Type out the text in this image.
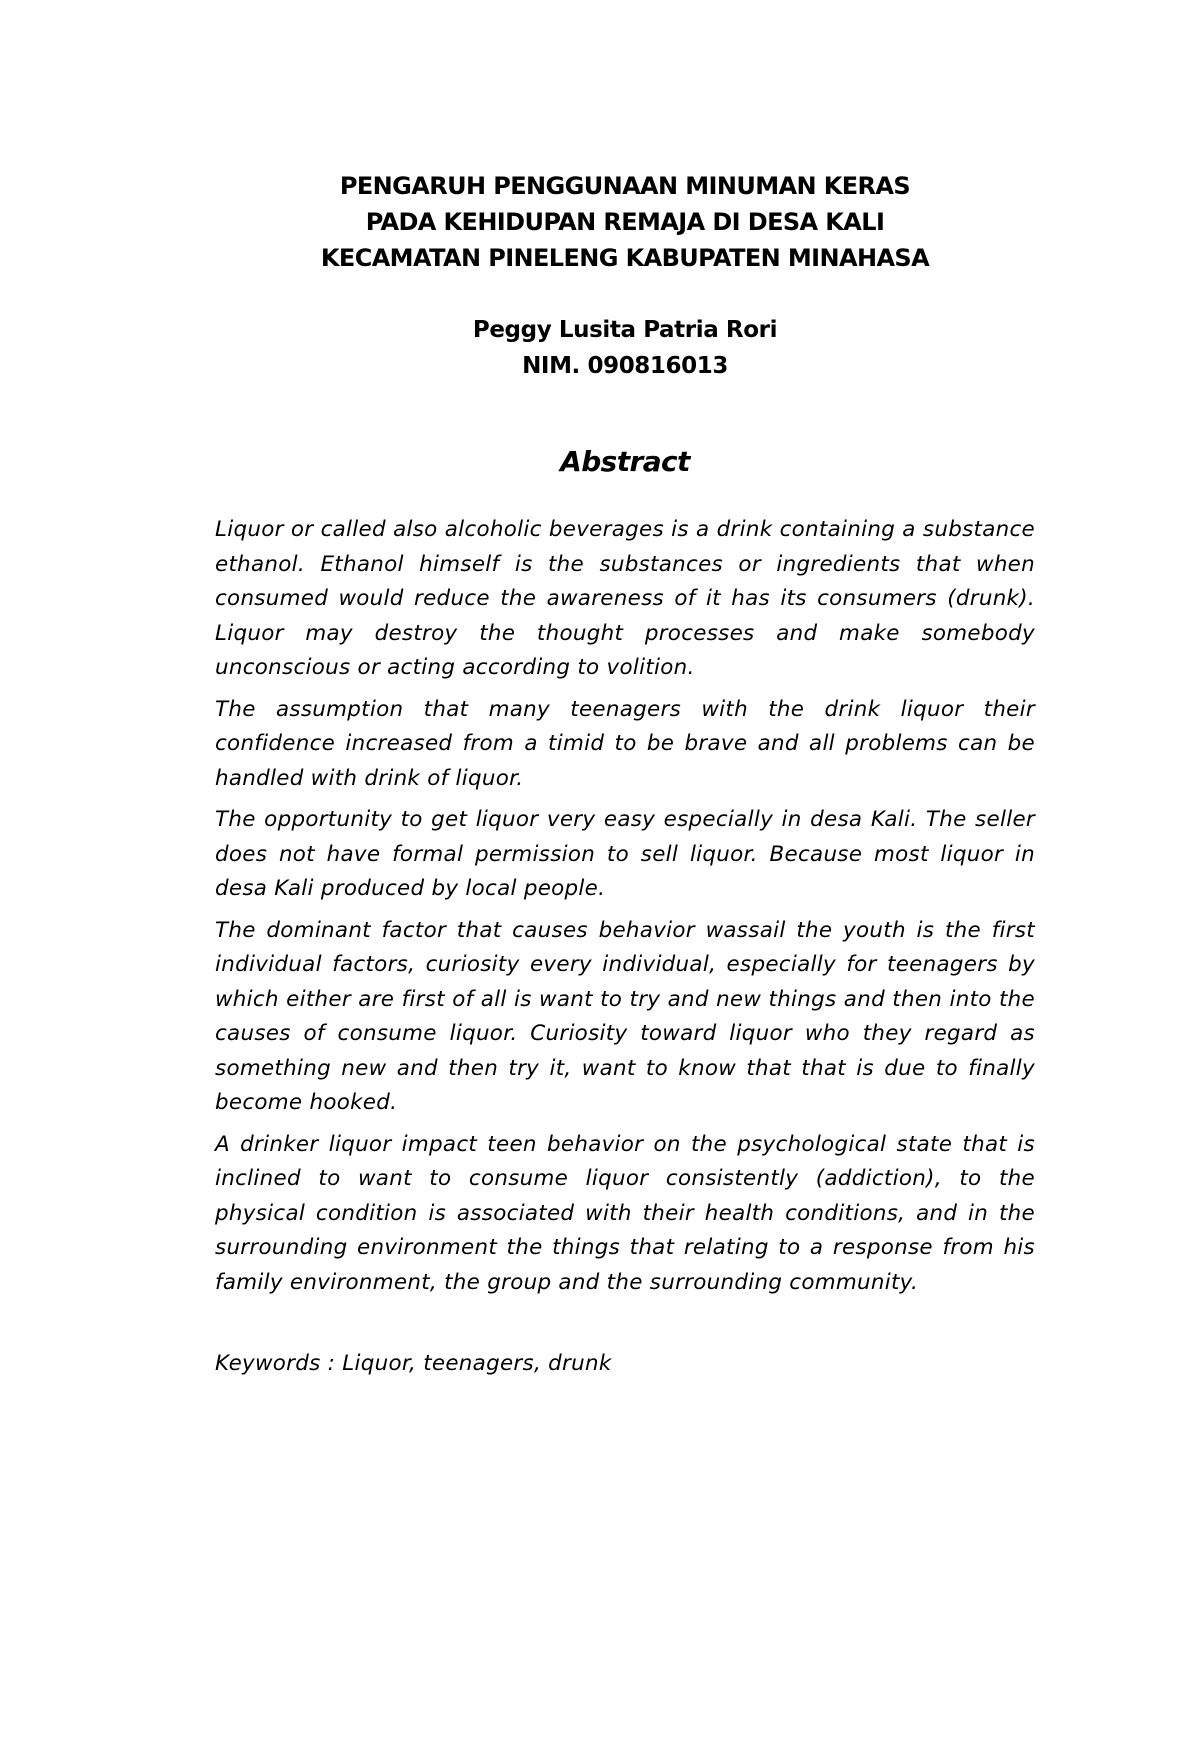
PENGARUH PENGGUNAAN MINUMAN KERAS
PADA KEHIDUPAN REMAJA DI DESA KALI
KECAMATAN PINELENG KABUPATEN MINAHASA
Peggy Lusita Patria Rori
NIM. 090816013
Abstract

Liquor or called also alcoholic beverages is a drink containing a substance ethanol. Ethanol himself is the substances or ingredients that when consumed would reduce the awareness of it has its consumers (drunk). Liquor may destroy the thought processes and make somebody unconscious or acting according to volition.

The assumption that many teenagers with the drink liquor their confidence increased from a timid to be brave and all problems can be handled with drink of liquor.

The opportunity to get liquor very easy especially in desa Kali. The seller does not have formal permission to sell liquor. Because most liquor in desa Kali produced by local people.

The dominant factor that causes behavior wassail the youth is the first individual factors, curiosity every individual, especially for teenagers by which either are first of all is want to try and new things and then into the causes of consume liquor. Curiosity toward liquor who they regard as something new and then try it, want to know that that is due to finally become hooked.

A drinker liquor impact teen behavior on the psychological state that is inclined to want to consume liquor consistently (addiction), to the physical condition is associated with their health conditions, and in the surrounding environment the things that relating to a response from his family environment, the group and the surrounding community.

Keywords : Liquor, teenagers, drunk
